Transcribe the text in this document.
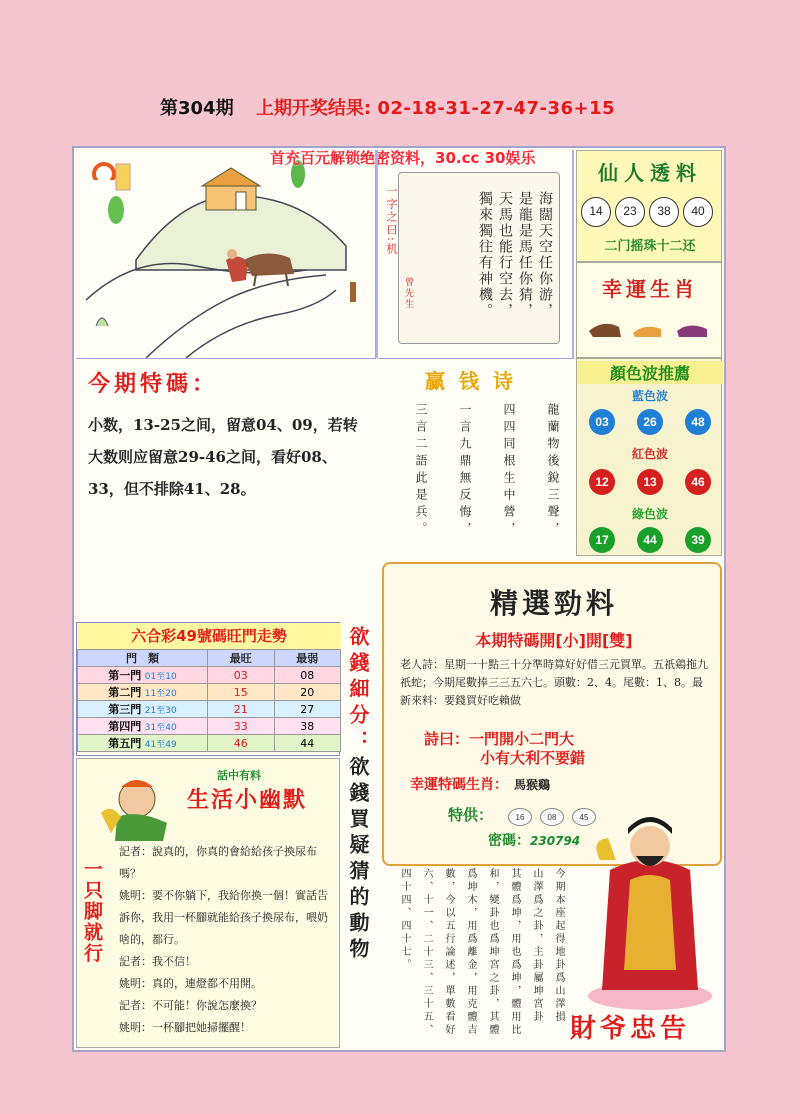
第304期 上期开奖结果: 02-18-31-27-47-36+15
首充百元解锁绝密资料，30.cc 30娱乐
海闊天空任你游，
是龍是馬任你猜，
天馬也能行空去，
獨來獨往有神機。
一字之曰:机
曾先生
仙人透料
14	23	38	40
二门摇珠十二还
幸運生肖
今期特碼：
小数，13-25之间，留意04、09，若转大数则应留意29-46之间，看好08、33，但不排除41、28。
贏钱诗
龍蘭物後銳三聲，
四四同根生中營，
一言九鼎無反悔，
三言二語此是兵。
顏色波推薦
藍色波
03	26	48
紅色波
12	13	46
綠色波
17	44	39
六合彩49號碼旺門走勢
門　類	最旺	最弱
第一門 01至10	03	08
第二門 11至20	15	20
第三門 21至30	21	27
第四門 31至40	33	38
第五門 41至49	46	44 欲錢細分：欲錢買疑猜的動物
話中有料
生活小幽默
一只脚就行
記者：說真的，你真的會給給孩子換尿布嗎？
姚明：要不你躺下，我給你換一個！實話告訴你，我用一杯腳就能給孩子換尿布，喂奶啥的，都行。
記者：我不信！
姚明：真的，連燈都不用開。
記者：不可能！你說怎麼換？
姚明：一杯腳把她掃擺醒！
精選勁料
本期特碼開[小]開[雙]
老人詩：星期一十點三十分準時算好好借三元買單。五祇鶏拖九祇蛇；今期尾數捧三三五六七。頭數：2、4。尾數：1、8。最新來料：要錢買好吃賴做
詩曰：一門開小二門大
小有大利不要錯
幸運特碼生肖： 馬猴鷄
特供：	16	08	45
密碼：230794
今期本座起得地卦爲山澤損
山澤爲之卦，主卦屬坤宮卦
其體爲坤，用也爲坤，體用比
和，變卦也爲坤宮之卦，其體
爲坤木，用爲離金，用克體吉
數，今以五行論述，單數看好
六、十一、二十三、三十五、
四十四、四十七。
財爷忠告
